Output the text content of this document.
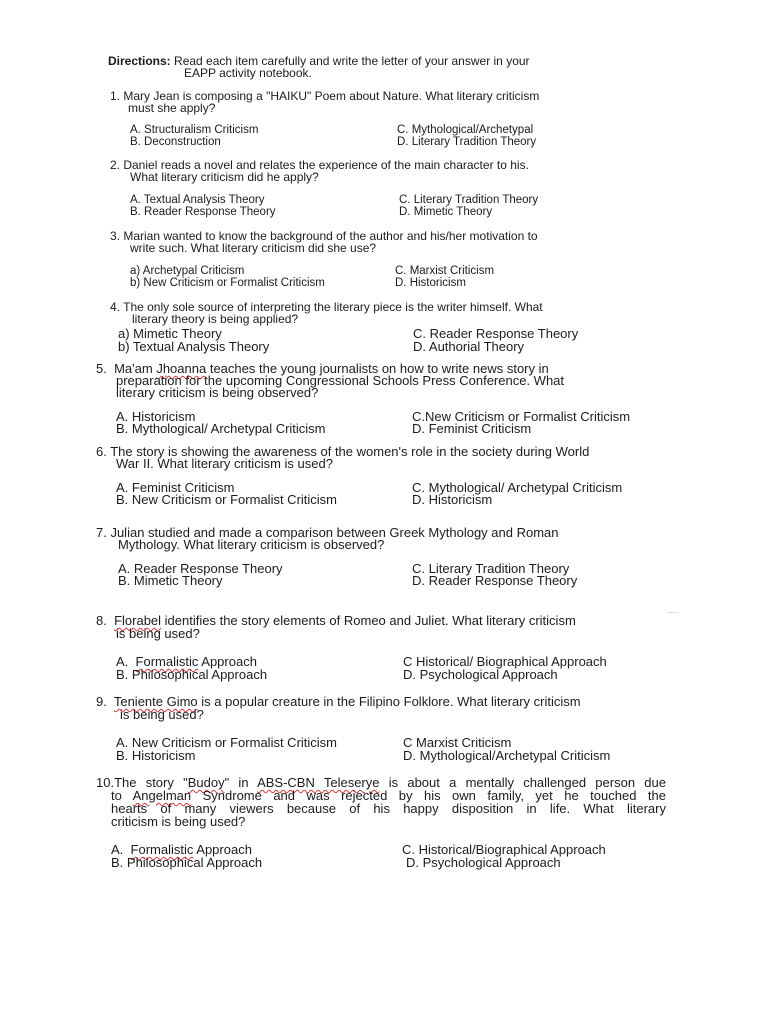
Directions: Read each item carefully and write the letter of your answer in your
EAPP activity notebook.
1. Mary Jean is composing a "HAIKU" Poem about Nature. What literary criticism
must she apply?
A. Structuralism Criticism
B. Deconstruction
C. Mythological/Archetypal
D. Literary Tradition Theory
2. Daniel reads a novel and relates the experience of the main character to his.
What literary criticism did he apply?
A. Textual Analysis Theory
B. Reader Response Theory
C. Literary Tradition Theory
D. Mimetic Theory
3. Marian wanted to know the background of the author and his/her motivation to
write such. What literary criticism did she use?
a) Archetypal Criticism
b) New Criticism or Formalist Criticism
C. Marxist Criticism
D. Historicism
4. The only sole source of interpreting the literary piece is the writer himself. What
literary theory is being applied?
a) Mimetic Theory
b) Textual Analysis Theory
C. Reader Response Theory
D. Authorial Theory
5. Ma'am Jhoanna teaches the young journalists on how to write news story in
preparation for the upcoming Congressional Schools Press Conference. What
literary criticism is being observed?
A. Historicism
B. Mythological/ Archetypal Criticism
C.New Criticism or Formalist Criticism
D. Feminist Criticism
6. The story is showing the awareness of the women's role in the society during World
War II. What literary criticism is used?
A. Feminist Criticism
B. New Criticism or Formalist Criticism
C. Mythological/ Archetypal Criticism
D. Historicism
7. Julian studied and made a comparison between Greek Mythology and Roman
Mythology. What literary criticism is observed?
A. Reader Response Theory
B. Mimetic Theory
C. Literary Tradition Theory
D. Reader Response Theory
8. Florabel identifies the story elements of Romeo and Juliet. What literary criticism
is being used?
A. Formalistic Approach
B. Philosophical Approach
C Historical/ Biographical Approach
D. Psychological Approach
9. Teniente Gimo is a popular creature in the Filipino Folklore. What literary criticism
is being used?
A. New Criticism or Formalist Criticism
B. Historicism
C Marxist Criticism
D. Mythological/Archetypal Criticism
10.The story "Budoy" in ABS-CBN Teleserye is about a mentally challenged person due
to Angelman Syndrome and was rejected by his own family, yet he touched the
hearts of many viewers because of his happy disposition in life. What literary
criticism is being used?
A. Formalistic Approach
B. Philosophical Approach
C. Historical/Biographical Approach
D. Psychological Approach
